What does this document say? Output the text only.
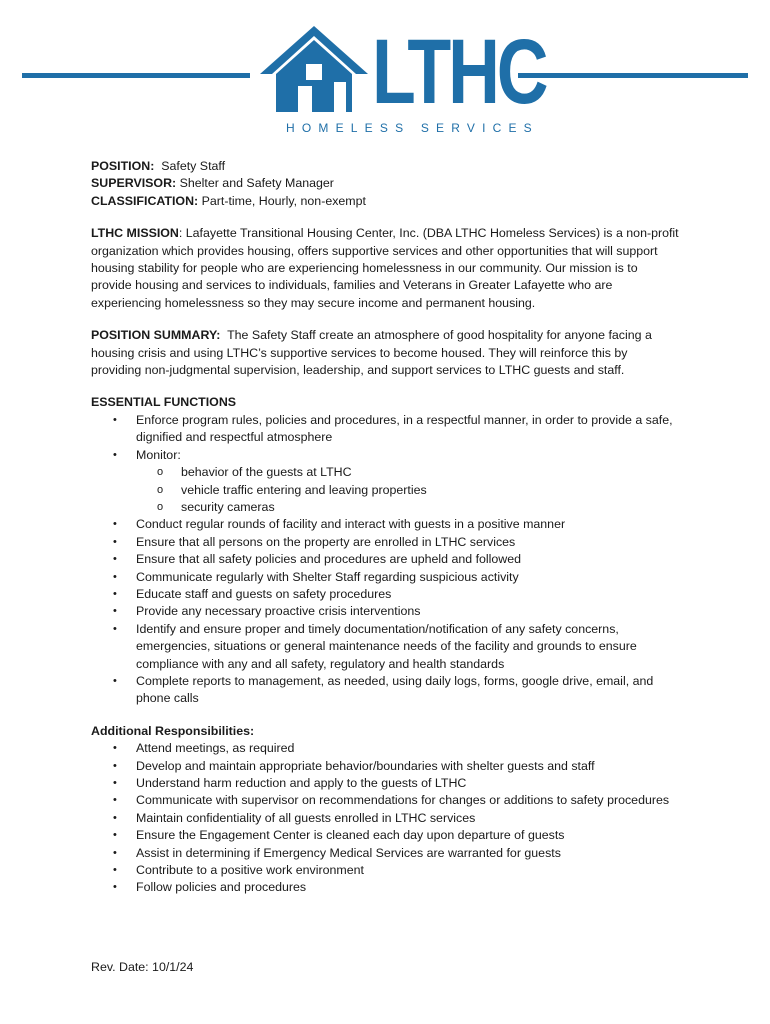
LTHC
HOMELESS SERVICES

POSITION: Safety Staff

SUPERVISOR: Shelter and Safety Manager

CLASSIFICATION: Part-time, Hourly, non-exempt

LTHC MISSION: Lafayette Transitional Housing Center, Inc. (DBA LTHC Homeless Services) is a non-profit organization which provides housing, offers supportive services and other opportunities that will support housing stability for people who are experiencing homelessness in our community. Our mission is to provide housing and services to individuals, families and Veterans in Greater Lafayette who are experiencing homelessness so they may secure income and permanent housing.

POSITION SUMMARY: The Safety Staff create an atmosphere of good hospitality for anyone facing a housing crisis and using LTHC’s supportive services to become housed. They will reinforce this by providing non-judgmental supervision, leadership, and support services to LTHC guests and staff.

ESSENTIAL FUNCTIONS

• Enforce program rules, policies and procedures, in a respectful manner, in order to provide a safe, dignified and respectful atmosphere
• Monitor:
o behavior of the guests at LTHC
o vehicle traffic entering and leaving properties
o security cameras
• Conduct regular rounds of facility and interact with guests in a positive manner
• Ensure that all persons on the property are enrolled in LTHC services
• Ensure that all safety policies and procedures are upheld and followed
• Communicate regularly with Shelter Staff regarding suspicious activity
• Educate staff and guests on safety procedures
• Provide any necessary proactive crisis interventions
• Identify and ensure proper and timely documentation/notification of any safety concerns, emergencies, situations or general maintenance needs of the facility and grounds to ensure compliance with any and all safety, regulatory and health standards
• Complete reports to management, as needed, using daily logs, forms, google drive, email, and phone calls

Additional Responsibilities:

• Attend meetings, as required
• Develop and maintain appropriate behavior/boundaries with shelter guests and staff
• Understand harm reduction and apply to the guests of LTHC
• Communicate with supervisor on recommendations for changes or additions to safety procedures
• Maintain confidentiality of all guests enrolled in LTHC services
• Ensure the Engagement Center is cleaned each day upon departure of guests
• Assist in determining if Emergency Medical Services are warranted for guests
• Contribute to a positive work environment
• Follow policies and procedures
Rev. Date: 10/1/24
